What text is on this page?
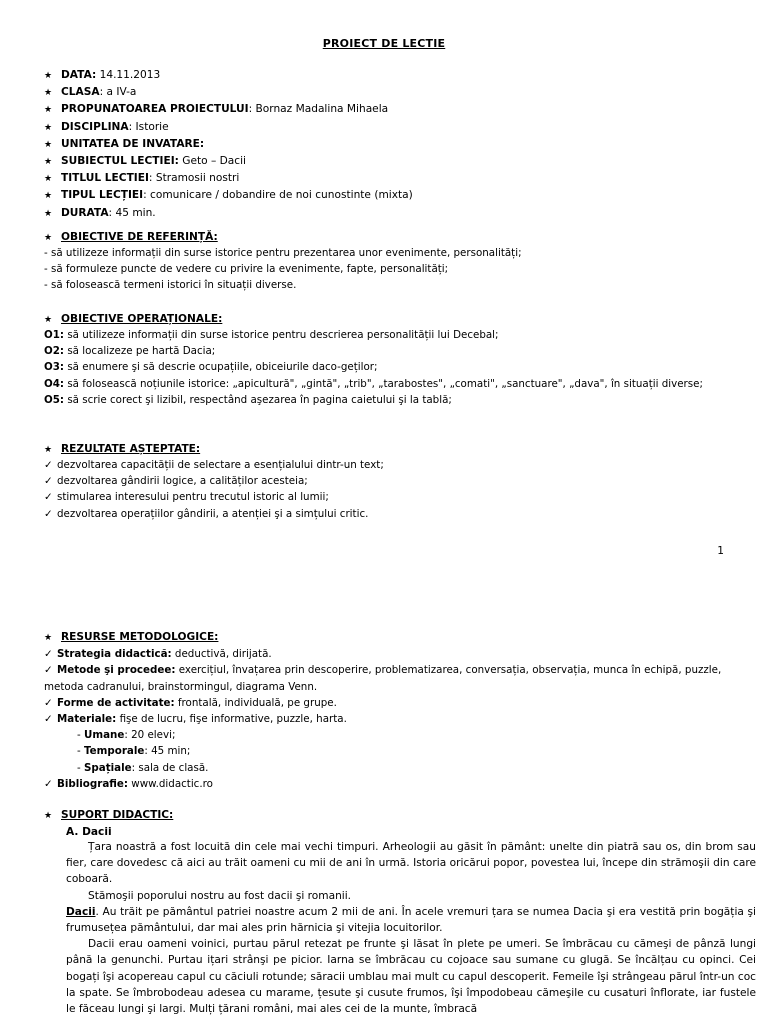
PROIECT DE LECTIE
★ DATA: 14.11.2013
★ CLASA: a IV-a
★ PROPUNATOAREA PROIECTULUI: Bornaz Madalina Mihaela
★ DISCIPLINA: Istorie
★ UNITATEA DE INVATARE:
★ SUBIECTUL LECTIEI: Geto – Dacii
★ TITLUL LECTIEI: Stramosii nostri
★ TIPUL LECȚIEI: comunicare / dobandire de noi cunostinte (mixta)
★ DURATA: 45 min.
★ OBIECTIVE DE REFERINȚĂ:
- să utilizeze informații din surse istorice pentru prezentarea unor evenimente, personalități;
- să formuleze puncte de vedere cu privire la evenimente, fapte, personalități;
- să folosească termeni istorici în situații diverse.
★ OBIECTIVE OPERAȚIONALE:
O1: să utilizeze informații din surse istorice pentru descrierea personalității lui Decebal;
O2: să localizeze pe hartă Dacia;
O3: să enumere şi să descrie ocupațiile, obiceiurile daco-geților;
O4: să folosească noțiunile istorice: „apicultură", „gintă", „trib", „tarabostes", „comati", „sanctuare", „dava", în situații diverse;
O5: să scrie corect şi lizibil, respectând aşezarea în pagina caietului şi la tablă;
★ REZULTATE AȘTEPTATE:
✓ dezvoltarea capacității de selectare a esențialului dintr-un text;
✓ dezvoltarea gândirii logice, a calităților acesteia;
✓ stimularea interesului pentru trecutul istoric al lumii;
✓ dezvoltarea operațiilor gândirii, a atenției şi a simțului critic.
1
★ RESURSE METODOLOGICE:
✓ Strategia didactică: deductivă, dirijată.
✓ Metode şi procedee: exercițiul, învațarea prin descoperire, problematizarea, conversația, observația, munca în echipă, puzzle, metoda cadranului, brainstormingul, diagrama Venn.
✓ Forme de activitate: frontală, individuală, pe grupe.
✓ Materiale: fişe de lucru, fişe informative, puzzle, harta.
- Umane: 20 elevi;
- Temporale: 45 min;
- Spațiale: sala de clasă.
✓ Bibliografie: www.didactic.ro
★ SUPORT DIDACTIC:
A. Dacii
Țara noastră a fost locuită din cele mai vechi timpuri. Arheologii au găsit în pământ: unelte din piatră sau os, din brom sau fier, care dovedesc că aici au trăit oameni cu mii de ani în urmă. Istoria oricărui popor, povestea lui, începe din strămoşii din care coboară.
Stămoşii poporului nostru au fost dacii şi romanii.
Dacii. Au trăit pe pământul patriei noastre acum 2 mii de ani. În acele vremuri țara se numea Dacia şi era vestită prin bogăția şi frumusețea pământului, dar mai ales prin hărnicia şi vitejia locuitorilor.
Dacii erau oameni voinici, purtau părul retezat pe frunte şi lăsat în plete pe umeri. Se îmbrăcau cu cămeşi de pânză lungi până la genunchi. Purtau ițari strânşi pe picior. Iarna se îmbrăcau cu cojoace sau sumane cu glugă. Se încălțau cu opinci. Cei bogați îşi acopereau capul cu căciuli rotunde; săracii umblau mai mult cu capul descoperit. Femeile îşi strângeau părul într-un coc la spate. Se îmbrobodeau adesea cu marame, țesute şi cusute frumos, îşi împodobeau cămeşile cu cusaturi înflorate, iar fustele le făceau lungi şi largi. Mulți țărani români, mai ales cei de la munte, îmbracă
